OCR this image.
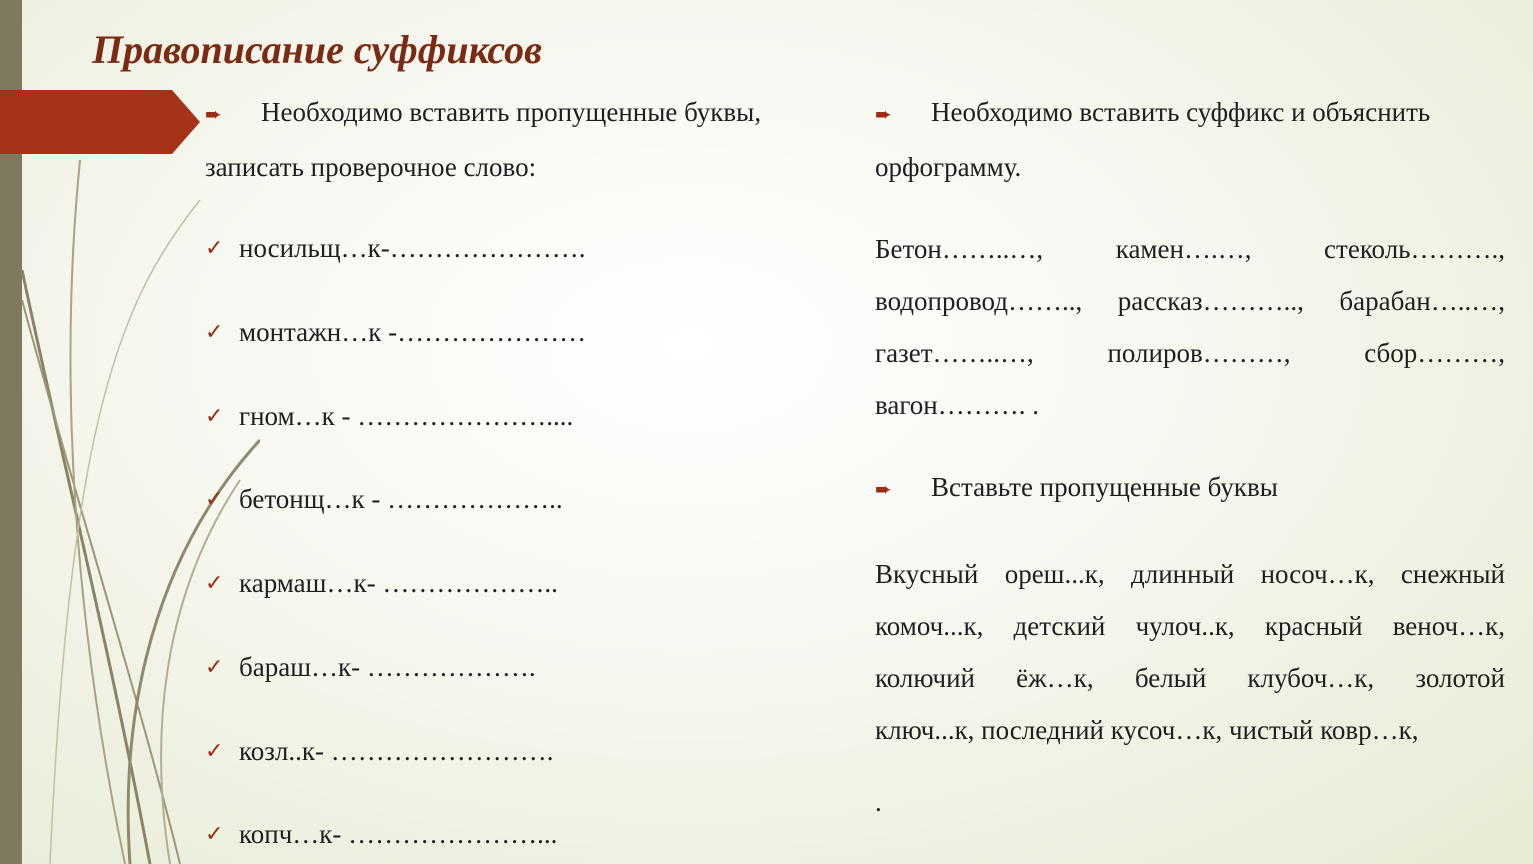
Правописание суффиксов
➨ Необходимо вставить пропущенные буквы,
записать проверочное слово:
✓ носильщ…к-………………….
✓ монтажн…к -…………………
✓ гном…к - …………………....
✓ бетонщ…к - ………………..
✓ кармаш…к- ………………..
✓ бараш…к- ……………….
✓ козл..к- …………………….
✓ копч…к- …………………...
➨ Необходимо вставить суффикс и объяснить
орфограмму.
Бетон……..…, камен….…, стеколь……….,
водопровод…….., рассказ……….., барабан…..…,
газет……..…, полиров………, сбор………,
вагон………. .
➨ Вставьте пропущенные буквы
Вкусный ореш...к, длинный носоч…к, снежный
комоч...к, детский чулоч..к, красный веноч…к,
колючий ёж…к, белый клубоч…к, золотой
ключ...к, последний кусоч…к, чистый ковр…к,
.
